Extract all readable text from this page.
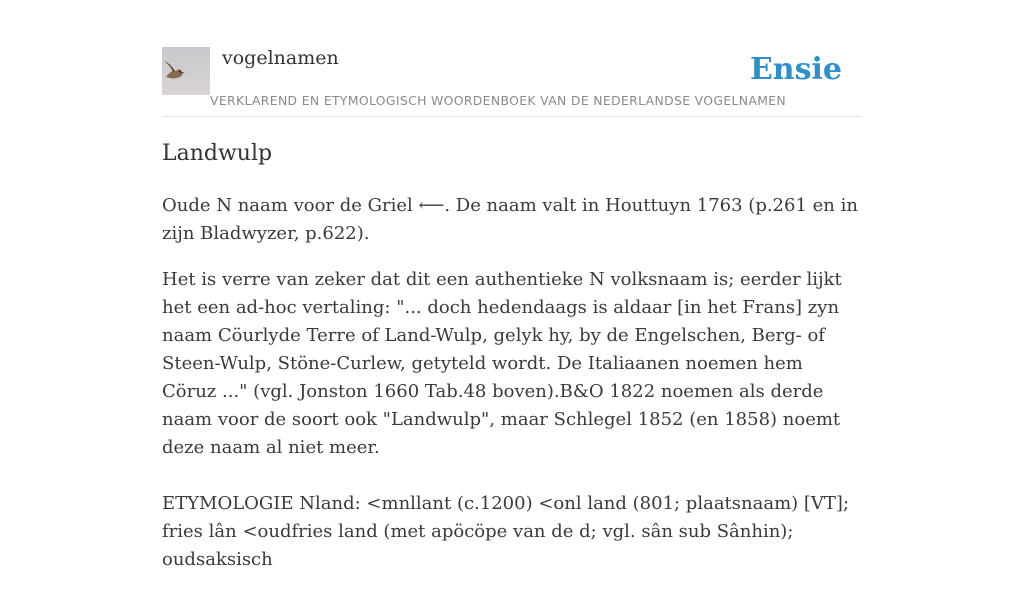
vogelnamen
VERKLAREND EN ETYMOLOGISCH WOORDENBOEK VAN DE NEDERLANDSE VOGELNAMEN
Ensie
Landwulp

Oude N naam voor de Griel ⟵. De naam valt in Houttuyn 1763 (p.261 en in zijn Bladwyzer, p.622).

Het is verre van zeker dat dit een authentieke N volksnaam is; eerder lijkt het een ad-hoc vertaling: "... doch hedendaags is aldaar [in het Frans] zyn naam Cöurlyde Terre of Land-Wulp, gelyk hy, by de Engelschen, Berg- of Steen-Wulp, Stöne-Curlew, getyteld wordt. De Italiaanen noemen hem Cöruz ..." (vgl. Jonston 1660 Tab.48 boven).B&O 1822 noemen als derde naam voor de soort ook "Landwulp", maar Schlegel 1852 (en 1858) noemt deze naam al niet meer.

ETYMOLOGIE Nland: <mnllant (c.1200) <onl land (801; plaatsnaam) [VT]; fries lân <oudfries land (met apöcöpe van de d; vgl. sân sub Sânhin); oudsaksisch
